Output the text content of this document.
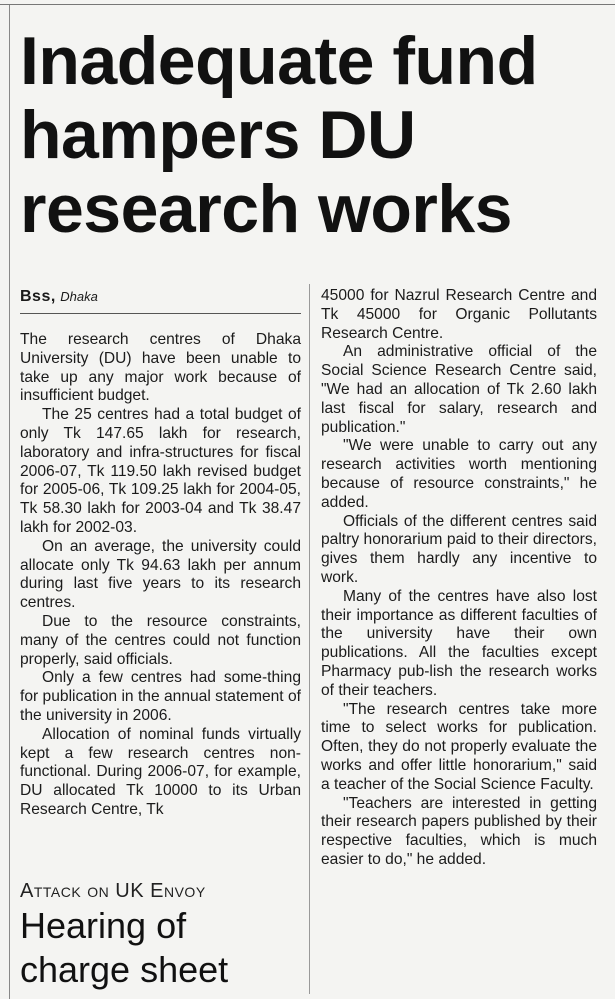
Inadequate fund hampers DU research works
Bss, Dhaka

The research centres of Dhaka University (DU) have been unable to take up any major work because of insufficient budget.

The 25 centres had a total budget of only Tk 147.65 lakh for research, laboratory and infra-structures for fiscal 2006-07, Tk 119.50 lakh revised budget for 2005-06, Tk 109.25 lakh for 2004-05, Tk 58.30 lakh for 2003-04 and Tk 38.47 lakh for 2002-03.

On an average, the university could allocate only Tk 94.63 lakh per annum during last five years to its research centres.

Due to the resource constraints, many of the centres could not function properly, said officials.

Only a few centres had some-thing for publication in the annual statement of the university in 2006.

Allocation of nominal funds virtually kept a few research centres non-functional. During 2006-07, for example, DU allocated Tk 10000 to its Urban Research Centre, Tk

45000 for Nazrul Research Centre and Tk 45000 for Organic Pollutants Research Centre.

An administrative official of the Social Science Research Centre said, "We had an allocation of Tk 2.60 lakh last fiscal for salary, research and publication."

"We were unable to carry out any research activities worth mentioning because of resource constraints," he added.

Officials of the different centres said paltry honorarium paid to their directors, gives them hardly any incentive to work.

Many of the centres have also lost their importance as different faculties of the university have their own publications. All the faculties except Pharmacy pub-lish the research works of their teachers.

"The research centres take more time to select works for publication. Often, they do not properly evaluate the works and offer little honorarium," said a teacher of the Social Science Faculty.

"Teachers are interested in getting their research papers published by their respective faculties, which is much easier to do," he added.

Attack on UK Envoy
Hearing of charge sheet
